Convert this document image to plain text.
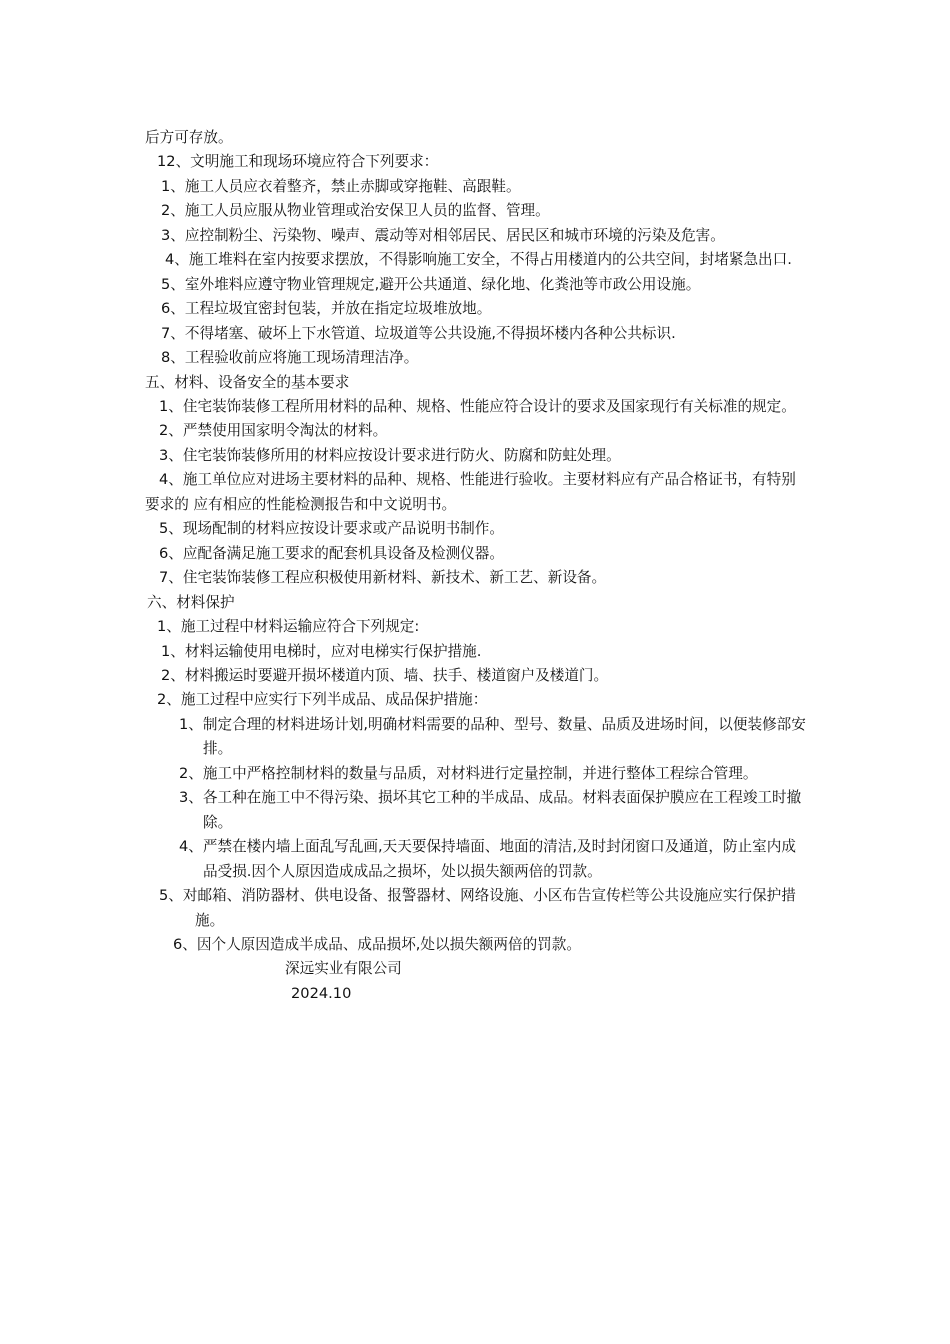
后方可存放。

12、文明施工和现场环境应符合下列要求：

1、施工人员应衣着整齐，禁止赤脚或穿拖鞋、高跟鞋。

2、施工人员应服从物业管理或治安保卫人员的监督、管理。

3、应控制粉尘、污染物、噪声、震动等对相邻居民、居民区和城市环境的污染及危害。

4、施工堆料在室内按要求摆放，不得影响施工安全，不得占用楼道内的公共空间，封堵紧急出口.

5、室外堆料应遵守物业管理规定,避开公共通道、绿化地、化粪池等市政公用设施。

6、工程垃圾宜密封包装，并放在指定垃圾堆放地。

7、不得堵塞、破坏上下水管道、垃圾道等公共设施,不得损坏楼内各种公共标识.

8、工程验收前应将施工现场清理洁净。

五、材料、设备安全的基本要求

1、住宅装饰装修工程所用材料的品种、规格、性能应符合设计的要求及国家现行有关标准的规定。

2、严禁使用国家明令淘汰的材料。

3、住宅装饰装修所用的材料应按设计要求进行防火、防腐和防蛀处理。

4、施工单位应对进场主要材料的品种、规格、性能进行验收。主要材料应有产品合格证书，有特别要求的 应有相应的性能检测报告和中文说明书。

5、现场配制的材料应按设计要求或产品说明书制作。

6、应配备满足施工要求的配套机具设备及检测仪器。

7、住宅装饰装修工程应积极使用新材料、新技术、新工艺、新设备。

六、材料保护

1、施工过程中材料运输应符合下列规定:

1、材料运输使用电梯时，应对电梯实行保护措施.

2、材料搬运时要避开损坏楼道内顶、墙、扶手、楼道窗户及楼道门。

2、施工过程中应实行下列半成品、成品保护措施：

1、制定合理的材料进场计划,明确材料需要的品种、型号、数量、品质及进场时间，以便装修部安排。

2、施工中严格控制材料的数量与品质，对材料进行定量控制，并进行整体工程综合管理。

3、各工种在施工中不得污染、损坏其它工种的半成品、成品。材料表面保护膜应在工程竣工时撤除。

4、严禁在楼内墙上面乱写乱画,天天要保持墙面、地面的清洁,及时封闭窗口及通道，防止室内成品受损.因个人原因造成成品之损坏，处以损失额两倍的罚款。

5、对邮箱、消防器材、供电设备、报警器材、网络设施、小区布告宣传栏等公共设施应实行保护措施。

6、因个人原因造成半成品、成品损坏,处以损失额两倍的罚款。

深远实业有限公司

2024.10
